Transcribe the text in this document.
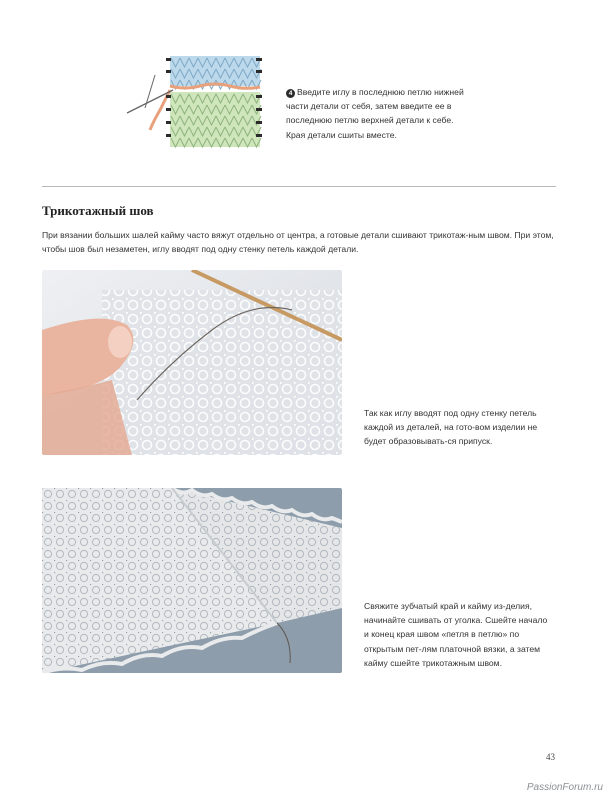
4 Введите иглу в последнюю петлю нижней части детали от себя, затем введите ее в последнюю петлю верхней детали к себе. Края детали сшиты вместе.
Трикотажный шов
При вязании больших шалей кайму часто вяжут отдельно от центра, а готовые детали сшивают трикотаж-ным швом. При этом, чтобы шов был незаметен, иглу вводят под одну стенку петель каждой детали.
Так как иглу вводят под одну стенку петель каждой из деталей, на гото-вом изделии не будет образовывать-ся припуск.
Свяжите зубчатый край и кайму из-делия, начинайте сшивать от уголка. Сшейте начало и конец края швом «петля в петлю» по открытым пет-лям платочной вязки, а затем кайму сшейте трикотажным швом.
43
PassionForum.ru
